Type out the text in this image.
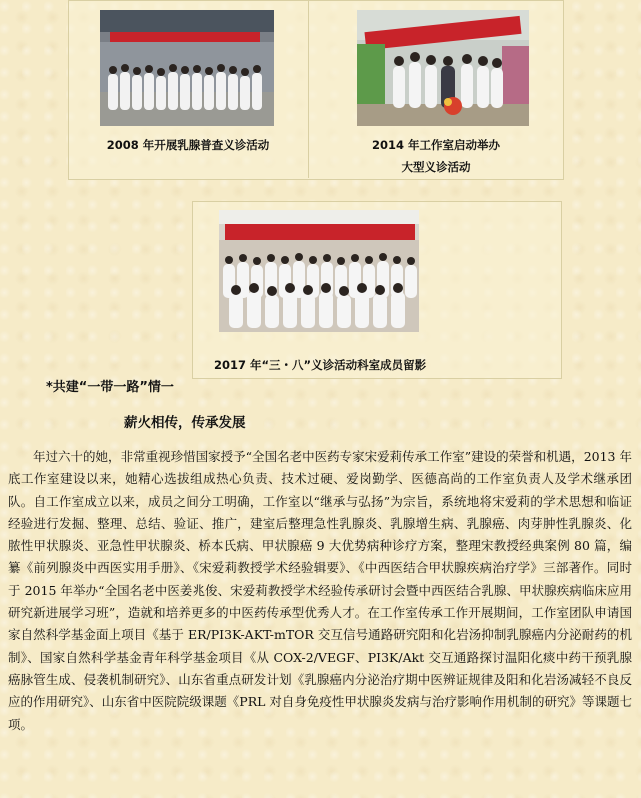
2008 年开展乳腺普查义诊活动	2014 年工作室启动举办
大型义诊活动
2017 年“三・八”义诊活动科室成员留影
*共建“一带一路”情一
薪火相传，传承发展

年过六十的她，非常重视珍惜国家授予“全国名老中医药专家宋爱莉传承工作室”建设的荣誉和机遇，2013 年底工作室建设以来，她精心选拔组成热心负责、技术过硬、爱岗勤学、医德高尚的工作室负责人及学术继承团队。自工作室成立以来，成员之间分工明确，工作室以“继承与弘扬”为宗旨，系统地将宋爱莉的学术思想和临证经验进行发掘、整理、总结、验证、推广，建室后整理急性乳腺炎、乳腺增生病、乳腺癌、肉芽肿性乳腺炎、化脓性甲状腺炎、亚急性甲状腺炎、桥本氏病、甲状腺癌 9 大优势病种诊疗方案，整理宋教授经典案例 80 篇，编纂《前列腺炎中西医实用手册》、《宋爱莉教授学术经验辑要》、《中西医结合甲状腺疾病治疗学》三部著作。同时于 2015 年举办“全国名老中医姜兆俊、宋爱莉教授学术经验传承研讨会暨中西医结合乳腺、甲状腺疾病临床应用研究新进展学习班”，造就和培养更多的中医药传承型优秀人才。在工作室传承工作开展期间，工作室团队申请国家自然科学基金面上项目《基于 ER/PI3K-AKT-mTOR 交互信号通路研究阳和化岩汤抑制乳腺癌内分泌耐药的机制》、国家自然科学基金青年科学基金项目《从 COX-2/VEGF、PI3K/Akt 交互通路探讨温阳化痰中药干预乳腺癌脉管生成、侵袭机制研究》、山东省重点研发计划《乳腺癌内分泌治疗期中医辨证规律及阳和化岩汤减轻不良反应的作用研究》、山东省中医院院级课题《PRL 对自身免疫性甲状腺炎发病与治疗影响作用机制的研究》等课题七项。
